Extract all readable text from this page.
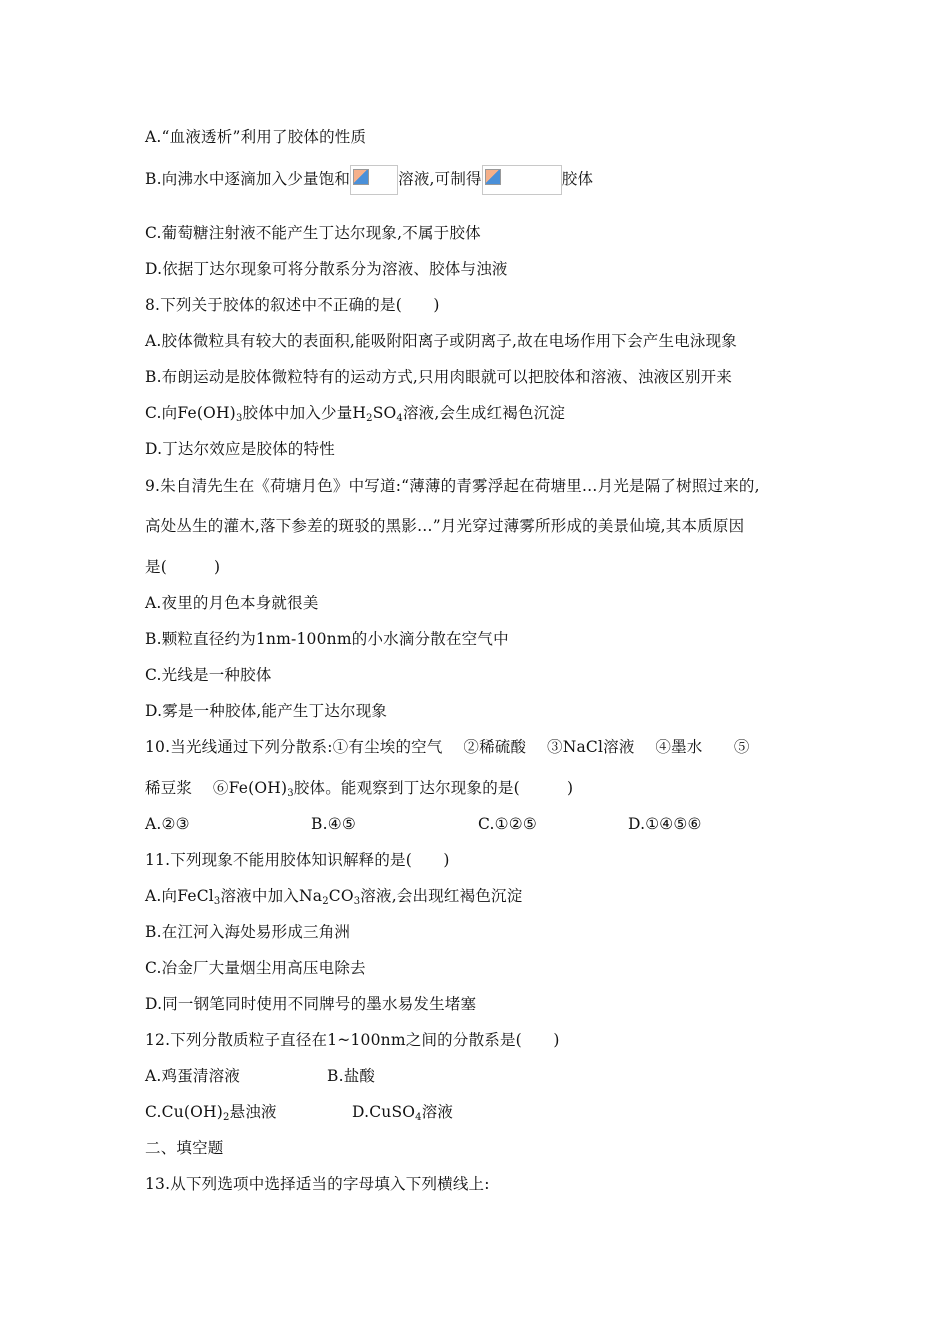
A.“血液透析”利用了胶体的性质
B.向沸水中逐滴加入少量饱和	溶液,可制得	胶体
C.葡萄糖注射液不能产生丁达尔现象,不属于胶体
D.依据丁达尔现象可将分散系分为溶液、胶体与浊液
8.下列关于胶体的叙述中不正确的是(　　)
A.胶体微粒具有较大的表面积,能吸附阳离子或阴离子,故在电场作用下会产生电泳现象
B.布朗运动是胶体微粒特有的运动方式,只用肉眼就可以把胶体和溶液、浊液区别开来
C.向$Fe(OH)_3$胶体中加入少量$H_2SO_4$溶液,会生成红褐色沉淀
D.丁达尔效应是胶体的特性
9.朱自清先生在《荷塘月色》中写道:“薄薄的青雾浮起在荷塘里…月光是隔了树照过来的,
高处丛生的灌木,落下参差的斑驳的黑影…”月光穿过薄雾所形成的美景仙境,其本质原因
是(　　　)
A.夜里的月色本身就很美
B.颗粒直径约为1nm-100nm的小水滴分散在空气中
C.光线是一种胶体
D.雾是一种胶体,能产生丁达尔现象
10.当光线通过下列分散系:①有尘埃的空气　 ②稀硫酸　 ③NaCl溶液　 ④墨水　　⑤
稀豆浆　 $⑥Fe(OH)_3$胶体。能观察到丁达尔现象的是(　　　)
A.②③	B.④⑤	C.①②⑤	D.①④⑤⑥
11.下列现象不能用胶体知识解释的是(　　)
A.向FeCl$_3$溶液中加入$Na_2CO_3$溶液,会出现红褐色沉淀
B.在江河入海处易形成三角洲
C.冶金厂大量烟尘用高压电除去
D.同一钢笔同时使用不同牌号的墨水易发生堵塞
12.下列分散质粒子直径在1~100nm之间的分散系是(　　)
A.鸡蛋清溶液	B.盐酸
$C.Cu(OH)_2$悬浊液	D.CuSO$_4$溶液
二、填空题
13.从下列选项中选择适当的字母填入下列横线上:
